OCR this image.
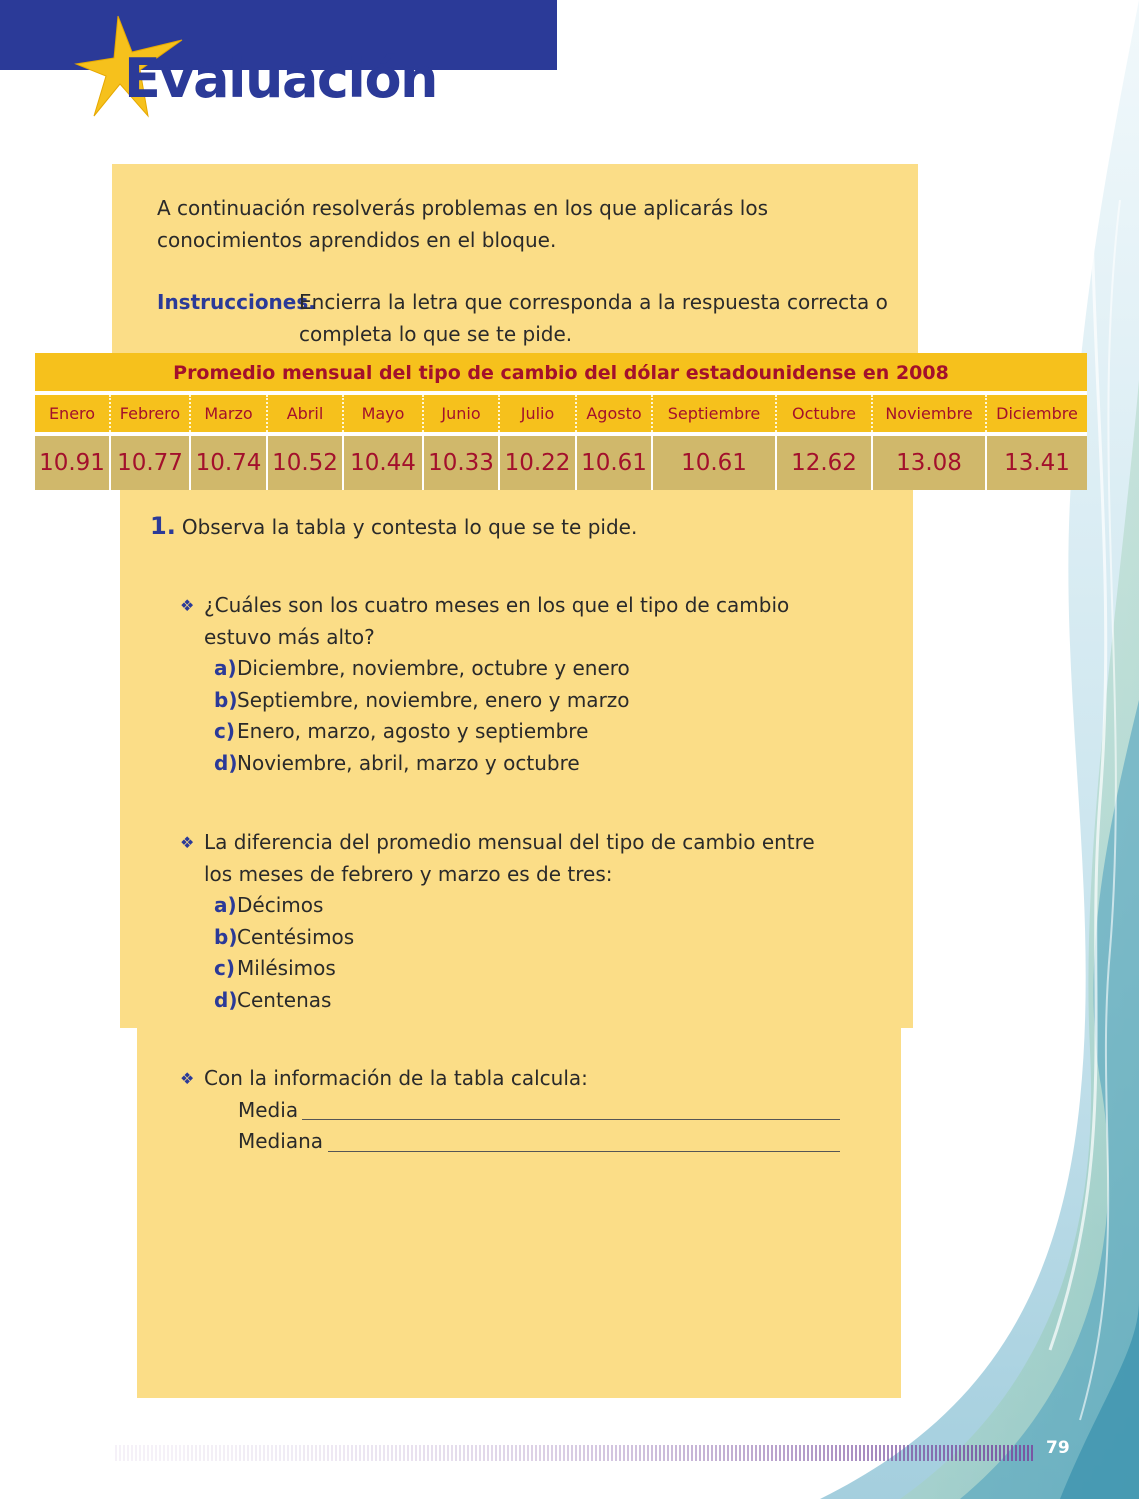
Evaluación

A continuación resolverás problemas en los que aplicarás los conocimientos aprendidos en el bloque.

Instrucciones.
Encierra la letra que corresponda a la respuesta correcta o completa lo que se te pide.
Promedio mensual del tipo de cambio del dólar estadounidense en 2008
Enero	Febrero	Marzo	Abril	Mayo	Junio	Julio	Agosto	Septiembre	Octubre	Noviembre	Diciembre
10.91	10.77	10.74	10.52	10.44	10.33	10.22	10.61	10.61	12.62	13.08	13.41
1. Observa la tabla y contesta lo que se te pide.
❖ ¿Cuáles son los cuatro meses en los que el tipo de cambio estuvo más alto?

a)Diciembre, noviembre, octubre y enero
b)Septiembre, noviembre, enero y marzo
c) Enero, marzo, agosto y septiembre
d)Noviembre, abril, marzo y octubre
❖ La diferencia del promedio mensual del tipo de cambio entre los meses de febrero y marzo es de tres:

a)Décimos
b)Centésimos
c) Milésimos
d)Centenas
❖ Con la información de la tabla calcula:

Media
Mediana
79
